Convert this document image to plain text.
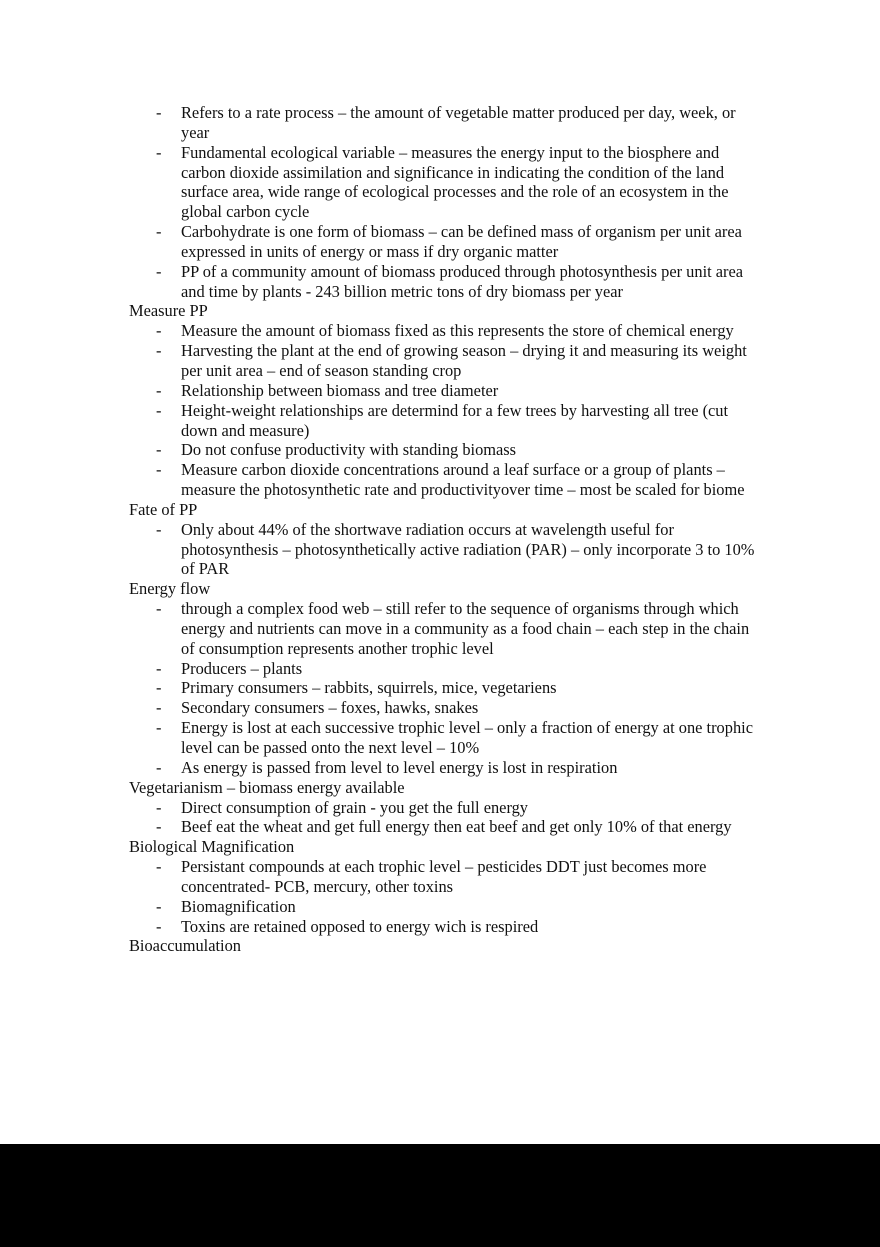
- Refers to a rate process – the amount of vegetable matter produced per day, week, or year
- Fundamental ecological variable – measures the energy input to the biosphere and carbon dioxide assimilation and significance in indicating the condition of the land surface area, wide range of ecological processes and the role of an ecosystem in the global carbon cycle
- Carbohydrate is one form of biomass – can be defined mass of organism per unit area expressed in units of energy or mass if dry organic matter
- PP of a community amount of biomass produced through photosynthesis per unit area and time by plants - 243 billion metric tons of dry biomass per year

Measure PP

- Measure the amount of biomass fixed as this represents the store of chemical energy
- Harvesting the plant at the end of growing season – drying it and measuring its weight per unit area – end of season standing crop
- Relationship between biomass and tree diameter
- Height-weight relationships are determind for a few trees by harvesting all tree (cut down and measure)
- Do not confuse productivity with standing biomass
- Measure carbon dioxide concentrations around a leaf surface or a group of plants – measure the photosynthetic rate and productivityover time – most be scaled for biome

Fate of PP

- Only about 44% of the shortwave radiation occurs at wavelength useful for photosynthesis – photosynthetically active radiation (PAR) – only incorporate 3 to 10% of PAR

Energy flow

- through a complex food web – still refer to the sequence of organisms through which energy and nutrients can move in a community as a food chain – each step in the chain of consumption represents another trophic level
- Producers – plants
- Primary consumers – rabbits, squirrels, mice, vegetariens
- Secondary consumers – foxes, hawks, snakes
- Energy is lost at each successive trophic level – only a fraction of energy at one trophic level can be passed onto the next level – 10%
- As energy is passed from level to level energy is lost in respiration

Vegetarianism – biomass energy available

- Direct consumption of grain - you get the full energy
- Beef eat the wheat and get full energy then eat beef and get only 10% of that energy

Biological Magnification

- Persistant compounds at each trophic level – pesticides DDT just becomes more concentrated- PCB, mercury, other toxins
- Biomagnification
- Toxins are retained opposed to energy wich is respired

Bioaccumulation
